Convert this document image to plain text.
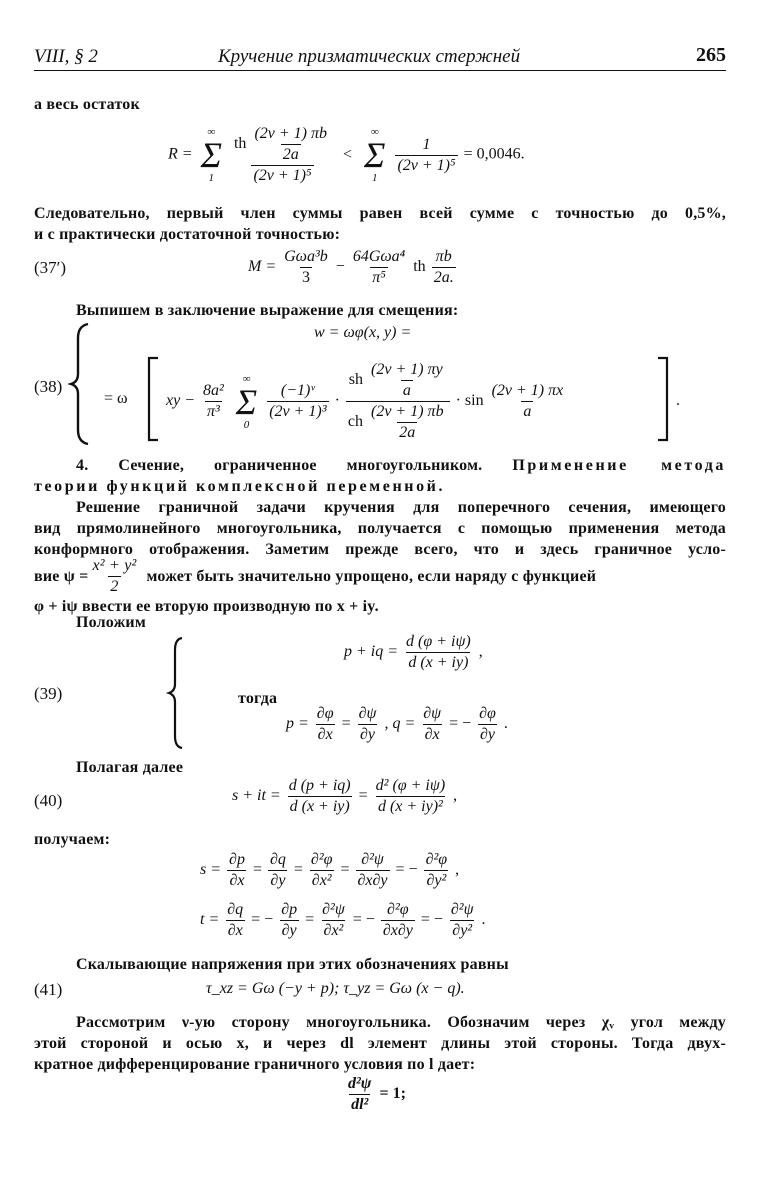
VIII, § 2	Кручение призматических стержней	265
а весь остаток
R =
∞
Σ
1
$\frac{th \frac{(2\nu + 1) \pi b}{2a}}{\text{(2ν + 1)⁵}}$ <
∞
Σ
1

$\frac{1}{\text{(2ν + 1)⁵}} = 0,0046$.
Следовательно, первый член суммы равен всей сумме с точностью до 0,5%,
и с практически достаточной точностью:
(37′)	M =
Gωa³b
3
−
64Gωa⁴
π⁵
th $\frac{\pi b}{2a.}$
Выпишем в заключение выражение для смещения:
(38)
w = ωφ(x, y) =
= ω xy − $\frac{\text{8a²}}{\text{π³}}$

∞
Σ
0

$\frac{\text{(−1)ᵛ}}{\text{(2ν + 1)³}}$ ·
sh $\frac{(2\nu + 1) \pi y}{a}$
ch $\frac{(2\nu + 1) \pi b}{2a}$
· $\sin \frac{(2\nu + 1) \pi x}{a}$	.
4. Сечение, ограниченное многоугольником. Применение метода
теории функций комплексной переменной.
Решение граничной задачи кручения для поперечного сечения, имеющего
вид прямолинейного многоугольника, получается с помощью применения метода
конформного отображения. Заметим прежде всего, что и здесь граничное усло-
вие $\psi = \frac{\text{x² + y²}}{2}$ может быть значительно упрощено, если наряду с функцией
φ + iψ ввести ее вторую производную по x + iy.
Положим
(39)
p + iq = $\frac{d (\varphi + i\psi)}{d (x + iy)}$ ,
тогда
$p = \frac{\partial\varphi}{\partial x} = \frac{\partial\psi}{\partial y}$ , $q = \frac{\partial\psi}{\partial x}$ = − $\frac{\partial\varphi}{\partial y}$ .
Полагая далее
(40)	s + it = $\frac{d (p + iq)}{d (x + iy)} = \frac{\text{d² (φ + iψ)}}{\text{d (x + iy)²}}$ ,
получаем:
$s = \frac{\partial p}{\partial x} = \frac{\partial q}{\partial y} = \frac{\text{∂²φ}}{\text{∂x²}} = \frac{\text{∂²ψ}}{\partial x\partial y}$ = − $\frac{\text{∂²φ}}{\text{∂y²}}$ ,
$t = \frac{\partial q}{\partial x}$ = − $\frac{\partial p}{\partial y} = \frac{\text{∂²ψ}}{\text{∂x²}}$ = − $\frac{\text{∂²φ}}{\partial x\partial y}$ = − $\frac{\text{∂²ψ}}{\text{∂y²}}$ .
Скалывающие напряжения при этих обозначениях равны
(41)	τ_xz = Gω (−y + p); τ_yz = Gω (x − q).
Рассмотрим ν-ую сторону многоугольника. Обозначим через χᵥ угол между
этой стороной и осью x, и через dl элемент длины этой стороны. Тогда двух-
кратное дифференцирование граничного условия по l дает:
$\frac{\text{d²ψ}}{\text{dl²}} = 1$;
